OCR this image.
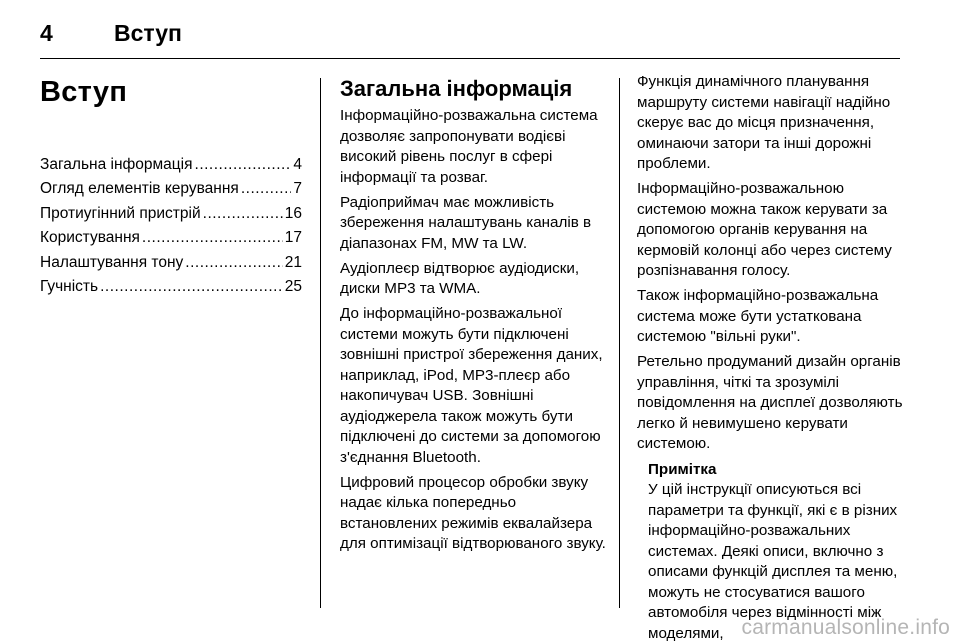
4	Вступ
Вступ
Загальна інформація .....	4
Огляд елементів керування .....	7
Протиугінний пристрій .....	16
Користування .....	17
Налаштування тону .....	21
Гучність .....	25
Загальна інформація

Інформаційно-розважальна система дозволяє запропонувати водієві високий рівень послуг в сфері інформації та розваг.

Радіоприймач має можливість збереження налаштувань каналів в діапазонах FM, MW та LW.

Аудіоплеєр відтворює аудіодиски, диски MP3 та WMA.

До інформаційно-розважальної системи можуть бути підключені зовнішні пристрої збереження даних, наприклад, iPod, MP3-плеєр або накопичувач USB. Зовнішні аудіоджерела також можуть бути підключені до системи за допомогою з'єднання Bluetooth.

Цифровий процесор обробки звуку надає кілька попередньо встановлених режимів еквалайзера для оптимізації відтворюваного звуку.

Функція динамічного планування маршруту системи навігації надійно скерує вас до місця призначення, оминаючи затори та інші дорожні проблеми.

Інформаційно-розважальною системою можна також керувати за допомогою органів керування на кермовій колонці або через систему розпізнавання голосу.

Також інформаційно-розважальна система може бути устаткована системою "вільні руки".

Ретельно продуманий дизайн органів управління, чіткі та зрозумілі повідомлення на дисплеї дозволяють легко й невимушено керувати системою.

Примітка

У цій інструкції описуються всі параметри та функції, які є в різних інформаційно-розважальних системах. Деякі описи, включно з описами функцій дисплея та меню, можуть не стосуватися вашого автомобіля через відмінності між моделями, carmanualsonline.info
